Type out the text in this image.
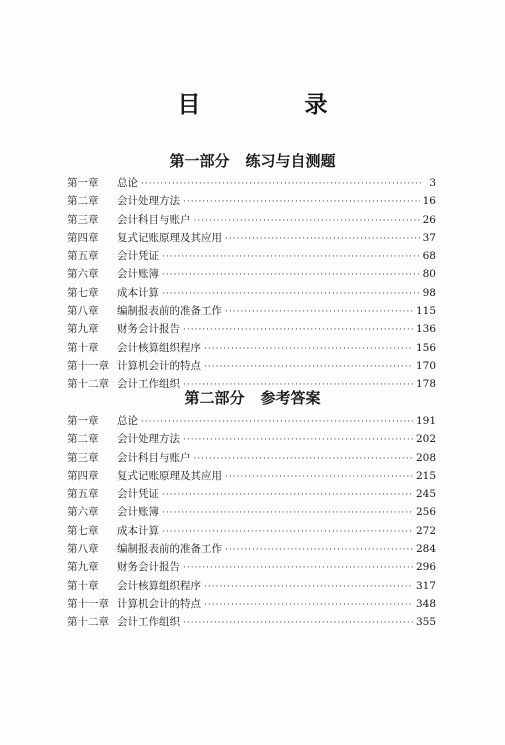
目 录
第一部分 练习与自测题
第一章	总论 ·····	3
第二章	会计处理方法 ·····	16
第三章	会计科目与账户 ·····	26
第四章	复式记账原理及其应用 ·····	37
第五章	会计凭证 ·····	68
第六章	会计账簿 ·····	80
第七章	成本计算 ·····	98
第八章	编制报表前的准备工作 ·····	115
第九章	财务会计报告 ·····	136
第十章	会计核算组织程序 ·····	156
第十一章 计算机会计的特点 ·····	170
第十二章 会计工作组织 ·····	178
第二部分 参考答案
第一章	总论 ·····	191
第二章	会计处理方法 ·····	202
第三章	会计科目与账户 ·····	208
第四章	复式记账原理及其应用 ·····	215
第五章	会计凭证 ·····	245
第六章	会计账簿 ·····	256
第七章	成本计算 ·····	272
第八章	编制报表前的准备工作 ·····	284
第九章	财务会计报告 ·····	296
第十章	会计核算组织程序 ·····	317
第十一章 计算机会计的特点 ·····	348
第十二章 会计工作组织 ·····	355
